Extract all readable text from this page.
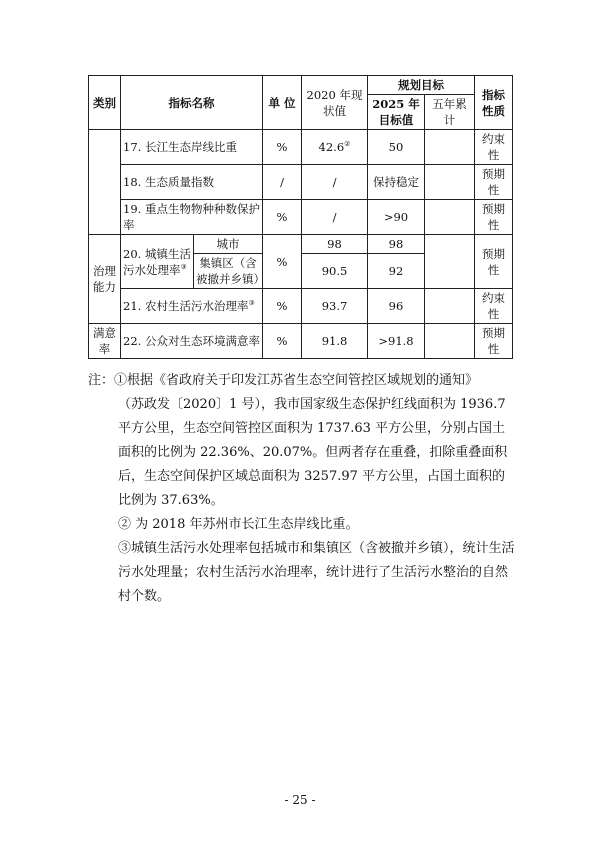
类别	指标名称		单 位	2020 年现状值	规划目标		指标性质
					2025 年目标值	五年累计	
	17. 长江生态岸线比重		%	42.6②	50		约束性
	18. 生态质量指数		/	/	保持稳定		预期性
	19. 重点生物物种种数保护率		%	/	>90		预期性
治理能力	20. 城镇生活污水处理率③	城市	%	98	98		预期性
		集镇区（含被撤并乡镇）		90.5	92		
	21. 农村生活污水治理率③		%	93.7	96		约束性
满意率	22. 公众对生态环境满意率		%	91.8	>91.8		预期性

注：①根据《省政府关于印发江苏省生态空间管控区域规划的通知》

（苏政发〔2020〕1 号），我市国家级生态保护红线面积为 1936.7 平方公里，生态空间管控区面积为 1737.63 平方公里，分别占国土面积的比例为 22.36%、20.07%。但两者存在重叠，扣除重叠面积后，生态空间保护区域总面积为 3257.97 平方公里，占国土面积的比例为 37.63%。

② 为 2018 年苏州市长江生态岸线比重。

③城镇生活污水处理率包括城市和集镇区（含被撤并乡镇），统计生活污水处理量；农村生活污水治理率，统计进行了生活污水整治的自然村个数。

- 25 -
